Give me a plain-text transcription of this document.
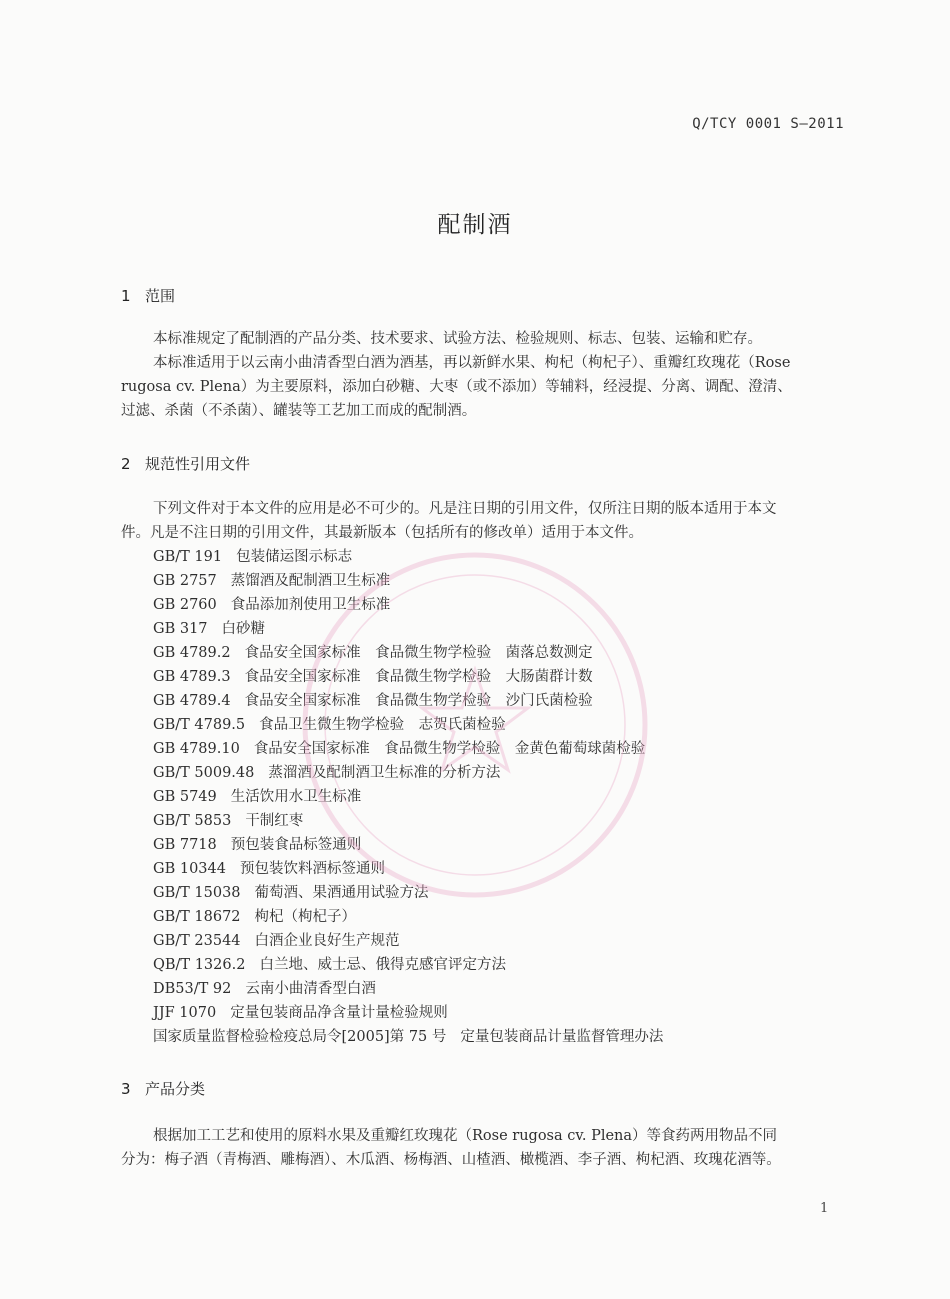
Q/TCY 0001 S—2011
配制酒
1 范围
本标准规定了配制酒的产品分类、技术要求、试验方法、检验规则、标志、包装、运输和贮存。
本标准适用于以云南小曲清香型白酒为酒基，再以新鲜水果、枸杞（枸杞子）、重瓣红玫瑰花（Rose
rugosa cv. Plena）为主要原料，添加白砂糖、大枣（或不添加）等辅料，经浸提、分离、调配、澄清、
过滤、杀菌（不杀菌）、罐装等工艺加工而成的配制酒。
2 规范性引用文件
下列文件对于本文件的应用是必不可少的。凡是注日期的引用文件，仅所注日期的版本适用于本文
件。凡是不注日期的引用文件，其最新版本（包括所有的修改单）适用于本文件。
GB/T 191 包装储运图示标志
GB 2757 蒸馏酒及配制酒卫生标准
GB 2760 食品添加剂使用卫生标准
GB 317 白砂糖
GB 4789.2 食品安全国家标准　食品微生物学检验　菌落总数测定
GB 4789.3 食品安全国家标准　食品微生物学检验　大肠菌群计数
GB 4789.4 食品安全国家标准　食品微生物学检验　沙门氏菌检验
GB/T 4789.5 食品卫生微生物学检验　志贺氏菌检验
GB 4789.10 食品安全国家标准　食品微生物学检验　金黄色葡萄球菌检验
GB/T 5009.48 蒸溜酒及配制酒卫生标准的分析方法
GB 5749 生活饮用水卫生标准
GB/T 5853 干制红枣
GB 7718 预包装食品标签通则
GB 10344 预包装饮料酒标签通则
GB/T 15038 葡萄酒、果酒通用试验方法
GB/T 18672 枸杞（枸杞子）
GB/T 23544 白酒企业良好生产规范
QB/T 1326.2 白兰地、威士忌、俄得克感官评定方法
DB53/T 92 云南小曲清香型白酒
JJF 1070 定量包装商品净含量计量检验规则
国家质量监督检验检疫总局令[2005]第 75 号 定量包装商品计量监督管理办法
3 产品分类
根据加工工艺和使用的原料水果及重瓣红玫瑰花（Rose rugosa cv. Plena）等食药两用物品不同
分为：梅子酒（青梅酒、雕梅酒）、木瓜酒、杨梅酒、山楂酒、橄榄酒、李子酒、枸杞酒、玫瑰花酒等。
1
